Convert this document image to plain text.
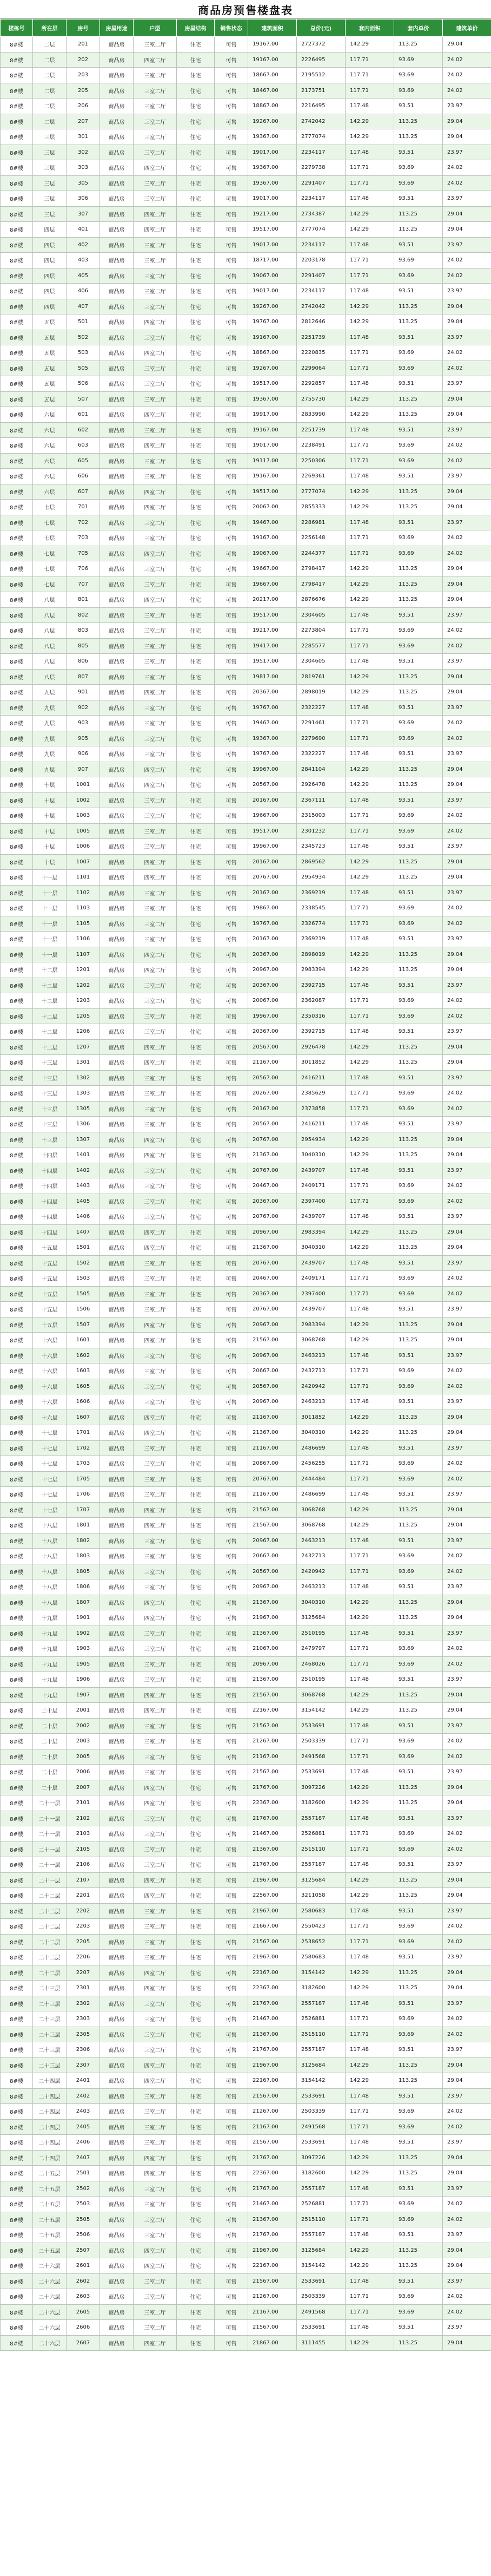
商品房预售楼盘表
楼栋号	所在层	房号	房屋用途	户型	房屋结构	销售状态	建筑面积	总价(元)	套内面积	套内单价	建筑单价
8#楼	二层	201	商品房	三室二厅	住宅	可售	19167.00	2727372	142.29	113.25	29.04
8#楼	二层	202	商品房	四室二厅	住宅	可售	19167.00	2226495	117.71	93.69	24.02
8#楼	二层	203	商品房	三室二厅	住宅	可售	18667.00	2195512	117.71	93.69	24.02
8#楼	二层	205	商品房	三室二厅	住宅	可售	18467.00	2173751	117.71	93.69	24.02
8#楼	二层	206	商品房	三室二厅	住宅	可售	18867.00	2216495	117.48	93.51	23.97
8#楼	二层	207	商品房	三室二厅	住宅	可售	19267.00	2742042	142.29	113.25	29.04
8#楼	三层	301	商品房	三室二厅	住宅	可售	19367.00	2777074	142.29	113.25	29.04
8#楼	三层	302	商品房	三室二厅	住宅	可售	19017.00	2234117	117.48	93.51	23.97
8#楼	三层	303	商品房	四室二厅	住宅	可售	19367.00	2279738	117.71	93.69	24.02
8#楼	三层	305	商品房	三室二厅	住宅	可售	19367.00	2291407	117.71	93.69	24.02
8#楼	三层	306	商品房	三室二厅	住宅	可售	19017.00	2234117	117.48	93.51	23.97
8#楼	三层	307	商品房	四室二厅	住宅	可售	19217.00	2734387	142.29	113.25	29.04
8#楼	四层	401	商品房	四室二厅	住宅	可售	19517.00	2777074	142.29	113.25	29.04
8#楼	四层	402	商品房	三室二厅	住宅	可售	19017.00	2234117	117.48	93.51	23.97
8#楼	四层	403	商品房	三室二厅	住宅	可售	18717.00	2203178	117.71	93.69	24.02
8#楼	四层	405	商品房	三室二厅	住宅	可售	19067.00	2291407	117.71	93.69	24.02
8#楼	四层	406	商品房	三室二厅	住宅	可售	19017.00	2234117	117.48	93.51	23.97
8#楼	四层	407	商品房	三室二厅	住宅	可售	19267.00	2742042	142.29	113.25	29.04
8#楼	五层	501	商品房	四室二厅	住宅	可售	19767.00	2812646	142.29	113.25	29.04
8#楼	五层	502	商品房	三室二厅	住宅	可售	19167.00	2251739	117.48	93.51	23.97
8#楼	五层	503	商品房	四室二厅	住宅	可售	18867.00	2220835	117.71	93.69	24.02
8#楼	五层	505	商品房	三室二厅	住宅	可售	19267.00	2299064	117.71	93.69	24.02
8#楼	五层	506	商品房	三室二厅	住宅	可售	19517.00	2292857	117.48	93.51	23.97
8#楼	五层	507	商品房	三室二厅	住宅	可售	19367.00	2755730	142.29	113.25	29.04
8#楼	六层	601	商品房	四室二厅	住宅	可售	19917.00	2833990	142.29	113.25	29.04
8#楼	六层	602	商品房	三室二厅	住宅	可售	19167.00	2251739	117.48	93.51	23.97
8#楼	六层	603	商品房	四室二厅	住宅	可售	19017.00	2238491	117.71	93.69	24.02
8#楼	六层	605	商品房	三室二厅	住宅	可售	19117.00	2250306	117.71	93.69	24.02
8#楼	六层	606	商品房	三室二厅	住宅	可售	19167.00	2269361	117.48	93.51	23.97
8#楼	六层	607	商品房	四室二厅	住宅	可售	19517.00	2777074	142.29	113.25	29.04
8#楼	七层	701	商品房	四室二厅	住宅	可售	20067.00	2855333	142.29	113.25	29.04
8#楼	七层	702	商品房	三室二厅	住宅	可售	19467.00	2286981	117.48	93.51	23.97
8#楼	七层	703	商品房	三室二厅	住宅	可售	19167.00	2256148	117.71	93.69	24.02
8#楼	七层	705	商品房	四室二厅	住宅	可售	19067.00	2244377	117.71	93.69	24.02
8#楼	七层	706	商品房	三室二厅	住宅	可售	19667.00	2798417	142.29	113.25	29.04
8#楼	七层	707	商品房	三室二厅	住宅	可售	19667.00	2798417	142.29	113.25	29.04
8#楼	八层	801	商品房	四室二厅	住宅	可售	20217.00	2876676	142.29	113.25	29.04
8#楼	八层	802	商品房	三室二厅	住宅	可售	19517.00	2304605	117.48	93.51	23.97
8#楼	八层	803	商品房	三室二厅	住宅	可售	19217.00	2273804	117.71	93.69	24.02
8#楼	八层	805	商品房	三室二厅	住宅	可售	19417.00	2285577	117.71	93.69	24.02
8#楼	八层	806	商品房	三室二厅	住宅	可售	19517.00	2304605	117.48	93.51	23.97
8#楼	八层	807	商品房	三室二厅	住宅	可售	19817.00	2819761	142.29	113.25	29.04
8#楼	九层	901	商品房	四室二厅	住宅	可售	20367.00	2898019	142.29	113.25	29.04
8#楼	九层	902	商品房	三室二厅	住宅	可售	19767.00	2322227	117.48	93.51	23.97
8#楼	九层	903	商品房	三室二厅	住宅	可售	19467.00	2291461	117.71	93.69	24.02
8#楼	九层	905	商品房	三室二厅	住宅	可售	19367.00	2279690	117.71	93.69	24.02
8#楼	九层	906	商品房	三室二厅	住宅	可售	19767.00	2322227	117.48	93.51	23.97
8#楼	九层	907	商品房	四室二厅	住宅	可售	19967.00	2841104	142.29	113.25	29.04
8#楼	十层	1001	商品房	四室二厅	住宅	可售	20567.00	2926478	142.29	113.25	29.04
8#楼	十层	1002	商品房	三室二厅	住宅	可售	20167.00	2367111	117.48	93.51	23.97
8#楼	十层	1003	商品房	三室二厅	住宅	可售	19667.00	2315003	117.71	93.69	24.02
8#楼	十层	1005	商品房	三室二厅	住宅	可售	19517.00	2301232	117.71	93.69	24.02
8#楼	十层	1006	商品房	三室二厅	住宅	可售	19967.00	2345723	117.48	93.51	23.97
8#楼	十层	1007	商品房	四室二厅	住宅	可售	20167.00	2869562	142.29	113.25	29.04
8#楼	十一层	1101	商品房	四室二厅	住宅	可售	20767.00	2954934	142.29	113.25	29.04
8#楼	十一层	1102	商品房	三室二厅	住宅	可售	20167.00	2369219	117.48	93.51	23.97
8#楼	十一层	1103	商品房	三室二厅	住宅	可售	19867.00	2338545	117.71	93.69	24.02
8#楼	十一层	1105	商品房	三室二厅	住宅	可售	19767.00	2326774	117.71	93.69	24.02
8#楼	十一层	1106	商品房	三室二厅	住宅	可售	20167.00	2369219	117.48	93.51	23.97
8#楼	十一层	1107	商品房	四室二厅	住宅	可售	20367.00	2898019	142.29	113.25	29.04
8#楼	十二层	1201	商品房	四室二厅	住宅	可售	20967.00	2983394	142.29	113.25	29.04
8#楼	十二层	1202	商品房	三室二厅	住宅	可售	20367.00	2392715	117.48	93.51	23.97
8#楼	十二层	1203	商品房	三室二厅	住宅	可售	20067.00	2362087	117.71	93.69	24.02
8#楼	十二层	1205	商品房	三室二厅	住宅	可售	19967.00	2350316	117.71	93.69	24.02
8#楼	十二层	1206	商品房	三室二厅	住宅	可售	20367.00	2392715	117.48	93.51	23.97
8#楼	十二层	1207	商品房	四室二厅	住宅	可售	20567.00	2926478	142.29	113.25	29.04
8#楼	十三层	1301	商品房	四室二厅	住宅	可售	21167.00	3011852	142.29	113.25	29.04
8#楼	十三层	1302	商品房	三室二厅	住宅	可售	20567.00	2416211	117.48	93.51	23.97
8#楼	十三层	1303	商品房	三室二厅	住宅	可售	20267.00	2385629	117.71	93.69	24.02
8#楼	十三层	1305	商品房	三室二厅	住宅	可售	20167.00	2373858	117.71	93.69	24.02
8#楼	十三层	1306	商品房	三室二厅	住宅	可售	20567.00	2416211	117.48	93.51	23.97
8#楼	十三层	1307	商品房	四室二厅	住宅	可售	20767.00	2954934	142.29	113.25	29.04
8#楼	十四层	1401	商品房	四室二厅	住宅	可售	21367.00	3040310	142.29	113.25	29.04
8#楼	十四层	1402	商品房	三室二厅	住宅	可售	20767.00	2439707	117.48	93.51	23.97
8#楼	十四层	1403	商品房	三室二厅	住宅	可售	20467.00	2409171	117.71	93.69	24.02
8#楼	十四层	1405	商品房	三室二厅	住宅	可售	20367.00	2397400	117.71	93.69	24.02
8#楼	十四层	1406	商品房	三室二厅	住宅	可售	20767.00	2439707	117.48	93.51	23.97
8#楼	十四层	1407	商品房	四室二厅	住宅	可售	20967.00	2983394	142.29	113.25	29.04
8#楼	十五层	1501	商品房	四室二厅	住宅	可售	21367.00	3040310	142.29	113.25	29.04
8#楼	十五层	1502	商品房	三室二厅	住宅	可售	20767.00	2439707	117.48	93.51	23.97
8#楼	十五层	1503	商品房	三室二厅	住宅	可售	20467.00	2409171	117.71	93.69	24.02
8#楼	十五层	1505	商品房	三室二厅	住宅	可售	20367.00	2397400	117.71	93.69	24.02
8#楼	十五层	1506	商品房	三室二厅	住宅	可售	20767.00	2439707	117.48	93.51	23.97
8#楼	十五层	1507	商品房	四室二厅	住宅	可售	20967.00	2983394	142.29	113.25	29.04
8#楼	十六层	1601	商品房	四室二厅	住宅	可售	21567.00	3068768	142.29	113.25	29.04
8#楼	十六层	1602	商品房	三室二厅	住宅	可售	20967.00	2463213	117.48	93.51	23.97
8#楼	十六层	1603	商品房	三室二厅	住宅	可售	20667.00	2432713	117.71	93.69	24.02
8#楼	十六层	1605	商品房	三室二厅	住宅	可售	20567.00	2420942	117.71	93.69	24.02
8#楼	十六层	1606	商品房	三室二厅	住宅	可售	20967.00	2463213	117.48	93.51	23.97
8#楼	十六层	1607	商品房	四室二厅	住宅	可售	21167.00	3011852	142.29	113.25	29.04
8#楼	十七层	1701	商品房	四室二厅	住宅	可售	21367.00	3040310	142.29	113.25	29.04
8#楼	十七层	1702	商品房	三室二厅	住宅	可售	21167.00	2486699	117.48	93.51	23.97
8#楼	十七层	1703	商品房	三室二厅	住宅	可售	20867.00	2456255	117.71	93.69	24.02
8#楼	十七层	1705	商品房	三室二厅	住宅	可售	20767.00	2444484	117.71	93.69	24.02
8#楼	十七层	1706	商品房	三室二厅	住宅	可售	21167.00	2486699	117.48	93.51	23.97
8#楼	十七层	1707	商品房	四室二厅	住宅	可售	21567.00	3068768	142.29	113.25	29.04
8#楼	十八层	1801	商品房	四室二厅	住宅	可售	21567.00	3068768	142.29	113.25	29.04
8#楼	十八层	1802	商品房	三室二厅	住宅	可售	20967.00	2463213	117.48	93.51	23.97
8#楼	十八层	1803	商品房	三室二厅	住宅	可售	20667.00	2432713	117.71	93.69	24.02
8#楼	十八层	1805	商品房	三室二厅	住宅	可售	20567.00	2420942	117.71	93.69	24.02
8#楼	十八层	1806	商品房	三室二厅	住宅	可售	20967.00	2463213	117.48	93.51	23.97
8#楼	十八层	1807	商品房	四室二厅	住宅	可售	21367.00	3040310	142.29	113.25	29.04
8#楼	十九层	1901	商品房	四室二厅	住宅	可售	21967.00	3125684	142.29	113.25	29.04
8#楼	十九层	1902	商品房	三室二厅	住宅	可售	21367.00	2510195	117.48	93.51	23.97
8#楼	十九层	1903	商品房	三室二厅	住宅	可售	21067.00	2479797	117.71	93.69	24.02
8#楼	十九层	1905	商品房	三室二厅	住宅	可售	20967.00	2468026	117.71	93.69	24.02
8#楼	十九层	1906	商品房	三室二厅	住宅	可售	21367.00	2510195	117.48	93.51	23.97
8#楼	十九层	1907	商品房	四室二厅	住宅	可售	21567.00	3068768	142.29	113.25	29.04
8#楼	二十层	2001	商品房	四室二厅	住宅	可售	22167.00	3154142	142.29	113.25	29.04
8#楼	二十层	2002	商品房	三室二厅	住宅	可售	21567.00	2533691	117.48	93.51	23.97
8#楼	二十层	2003	商品房	三室二厅	住宅	可售	21267.00	2503339	117.71	93.69	24.02
8#楼	二十层	2005	商品房	三室二厅	住宅	可售	21167.00	2491568	117.71	93.69	24.02
8#楼	二十层	2006	商品房	三室二厅	住宅	可售	21567.00	2533691	117.48	93.51	23.97
8#楼	二十层	2007	商品房	四室二厅	住宅	可售	21767.00	3097226	142.29	113.25	29.04
8#楼	二十一层	2101	商品房	四室二厅	住宅	可售	22367.00	3182600	142.29	113.25	29.04
8#楼	二十一层	2102	商品房	三室二厅	住宅	可售	21767.00	2557187	117.48	93.51	23.97
8#楼	二十一层	2103	商品房	三室二厅	住宅	可售	21467.00	2526881	117.71	93.69	24.02
8#楼	二十一层	2105	商品房	三室二厅	住宅	可售	21367.00	2515110	117.71	93.69	24.02
8#楼	二十一层	2106	商品房	三室二厅	住宅	可售	21767.00	2557187	117.48	93.51	23.97
8#楼	二十一层	2107	商品房	四室二厅	住宅	可售	21967.00	3125684	142.29	113.25	29.04
8#楼	二十二层	2201	商品房	四室二厅	住宅	可售	22567.00	3211058	142.29	113.25	29.04
8#楼	二十二层	2202	商品房	三室二厅	住宅	可售	21967.00	2580683	117.48	93.51	23.97
8#楼	二十二层	2203	商品房	三室二厅	住宅	可售	21667.00	2550423	117.71	93.69	24.02
8#楼	二十二层	2205	商品房	三室二厅	住宅	可售	21567.00	2538652	117.71	93.69	24.02
8#楼	二十二层	2206	商品房	三室二厅	住宅	可售	21967.00	2580683	117.48	93.51	23.97
8#楼	二十二层	2207	商品房	四室二厅	住宅	可售	22167.00	3154142	142.29	113.25	29.04
8#楼	二十三层	2301	商品房	四室二厅	住宅	可售	22367.00	3182600	142.29	113.25	29.04
8#楼	二十三层	2302	商品房	三室二厅	住宅	可售	21767.00	2557187	117.48	93.51	23.97
8#楼	二十三层	2303	商品房	三室二厅	住宅	可售	21467.00	2526881	117.71	93.69	24.02
8#楼	二十三层	2305	商品房	三室二厅	住宅	可售	21367.00	2515110	117.71	93.69	24.02
8#楼	二十三层	2306	商品房	三室二厅	住宅	可售	21767.00	2557187	117.48	93.51	23.97
8#楼	二十三层	2307	商品房	四室二厅	住宅	可售	21967.00	3125684	142.29	113.25	29.04
8#楼	二十四层	2401	商品房	四室二厅	住宅	可售	22167.00	3154142	142.29	113.25	29.04
8#楼	二十四层	2402	商品房	三室二厅	住宅	可售	21567.00	2533691	117.48	93.51	23.97
8#楼	二十四层	2403	商品房	三室二厅	住宅	可售	21267.00	2503339	117.71	93.69	24.02
8#楼	二十四层	2405	商品房	三室二厅	住宅	可售	21167.00	2491568	117.71	93.69	24.02
8#楼	二十四层	2406	商品房	三室二厅	住宅	可售	21567.00	2533691	117.48	93.51	23.97
8#楼	二十四层	2407	商品房	四室二厅	住宅	可售	21767.00	3097226	142.29	113.25	29.04
8#楼	二十五层	2501	商品房	四室二厅	住宅	可售	22367.00	3182600	142.29	113.25	29.04
8#楼	二十五层	2502	商品房	三室二厅	住宅	可售	21767.00	2557187	117.48	93.51	23.97
8#楼	二十五层	2503	商品房	三室二厅	住宅	可售	21467.00	2526881	117.71	93.69	24.02
8#楼	二十五层	2505	商品房	三室二厅	住宅	可售	21367.00	2515110	117.71	93.69	24.02
8#楼	二十五层	2506	商品房	三室二厅	住宅	可售	21767.00	2557187	117.48	93.51	23.97
8#楼	二十五层	2507	商品房	四室二厅	住宅	可售	21967.00	3125684	142.29	113.25	29.04
8#楼	二十六层	2601	商品房	四室二厅	住宅	可售	22167.00	3154142	142.29	113.25	29.04
8#楼	二十六层	2602	商品房	三室二厅	住宅	可售	21567.00	2533691	117.48	93.51	23.97
8#楼	二十六层	2603	商品房	三室二厅	住宅	可售	21267.00	2503339	117.71	93.69	24.02
8#楼	二十六层	2605	商品房	三室二厅	住宅	可售	21167.00	2491568	117.71	93.69	24.02
8#楼	二十六层	2606	商品房	三室二厅	住宅	可售	21567.00	2533691	117.48	93.51	23.97
8#楼	二十六层	2607	商品房	四室二厅	住宅	可售	21867.00	3111455	142.29	113.25	29.04
